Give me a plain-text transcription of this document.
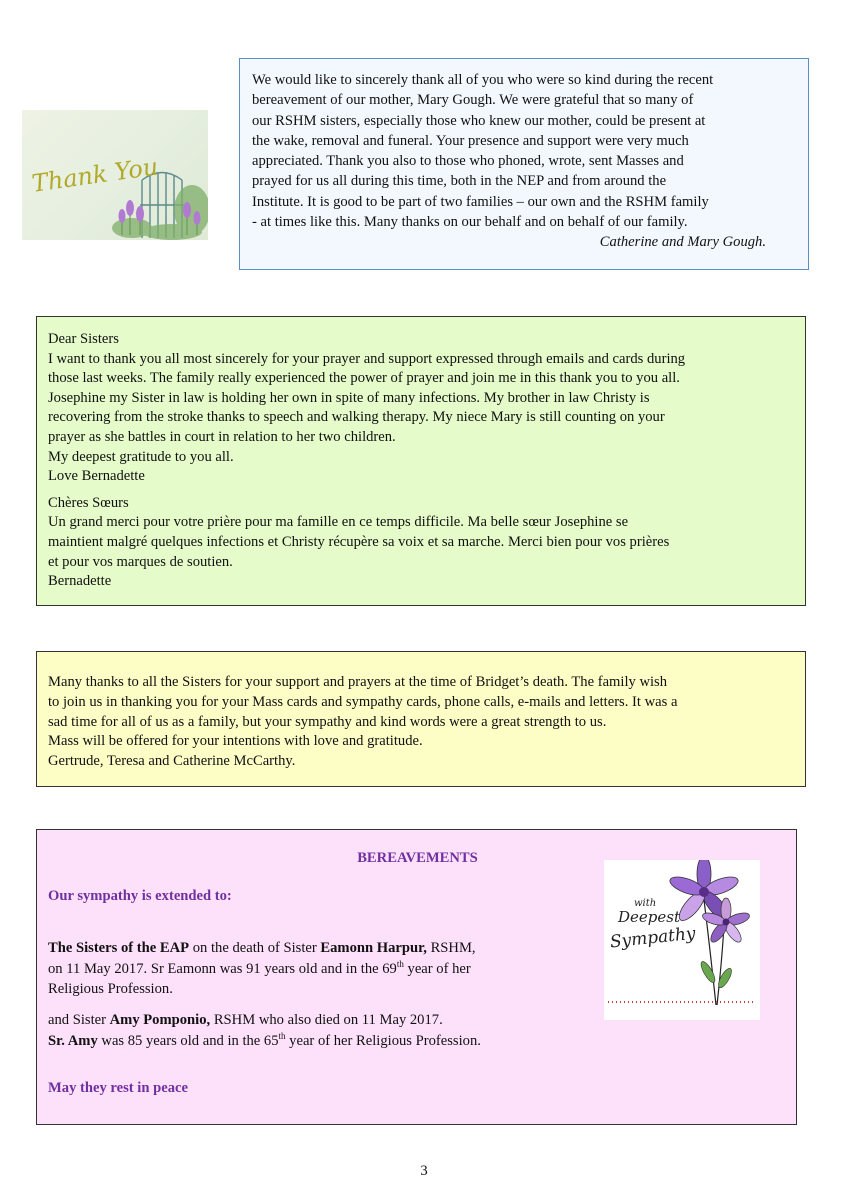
Thank You

We would like to sincerely thank all of you who were so kind during the recent

bereavement of our mother, Mary Gough. We were grateful that so many of

our RSHM sisters, especially those who knew our mother, could be present at

the wake, removal and funeral. Your presence and support were very much

appreciated. Thank you also to those who phoned, wrote, sent Masses and

prayed for us all during this time, both in the NEP and from around the

Institute. It is good to be part of two families – our own and the RSHM family

- at times like this. Many thanks on our behalf and on behalf of our family.

Catherine and Mary Gough.

Dear Sisters

I want to thank you all most sincerely for your prayer and support expressed through emails and cards during

those last weeks. The family really experienced the power of prayer and join me in this thank you to you all.

Josephine my Sister in law is holding her own in spite of many infections. My brother in law Christy is

recovering from the stroke thanks to speech and walking therapy. My niece Mary is still counting on your

prayer as she battles in court in relation to her two children.

My deepest gratitude to you all.

Love Bernadette

Chères Sœurs

Un grand merci pour votre prière pour ma famille en ce temps difficile. Ma belle sœur Josephine se

maintient malgré quelques infections et Christy récupère sa voix et sa marche. Merci bien pour vos prières

et pour vos marques de soutien.

Bernadette

Many thanks to all the Sisters for your support and prayers at the time of Bridget’s death. The family wish

to join us in thanking you for your Mass cards and sympathy cards, phone calls, e-mails and letters. It was a

sad time for all of us as a family, but your sympathy and kind words were a great strength to us.

Mass will be offered for your intentions with love and gratitude.

Gertrude, Teresa and Catherine McCarthy.

BEREAVEMENTS
Our sympathy is extended to:
The Sisters of the EAP on the death of Sister Eamonn Harpur, RSHM,
on 11 May 2017. Sr Eamonn was 91 years old and in the 69th year of her
Religious Profession.
and Sister Amy Pomponio, RSHM who also died on 11 May 2017.
Sr. Amy was 85 years old and in the 65th year of her Religious Profession.
May they rest in peace
with
Deepest
Sympathy
3
